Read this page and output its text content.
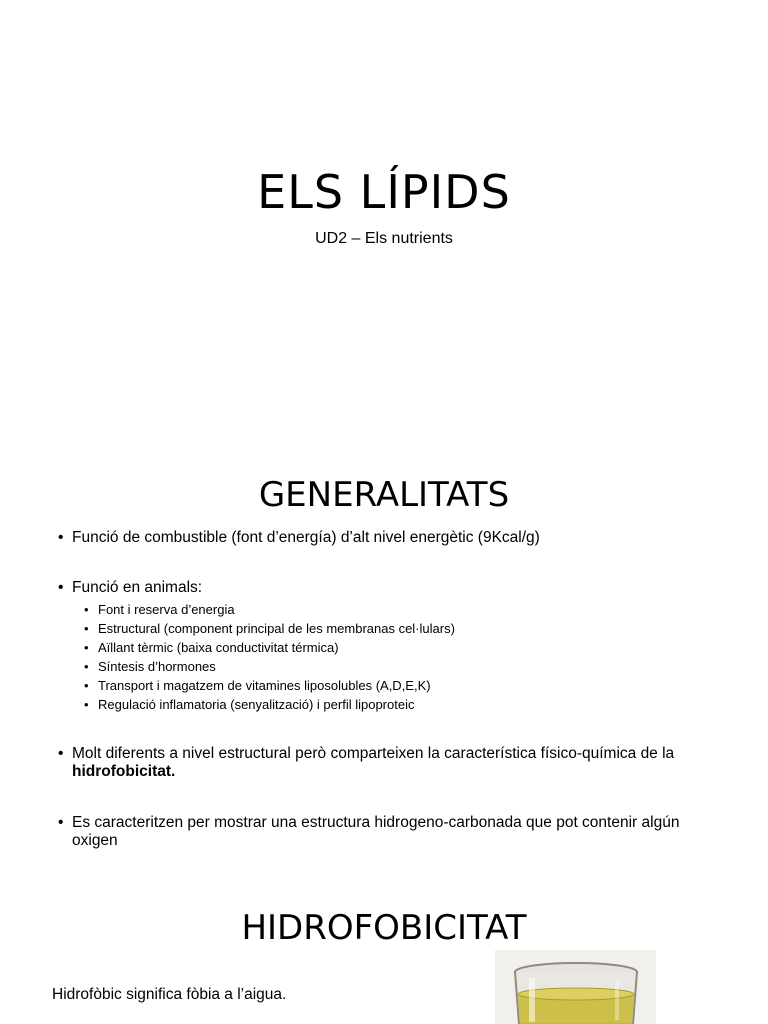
ELS LÍPIDS
UD2 – Els nutrients
GENERALITATS
• Funció de combustible (font d’energía) d’alt nivel energètic (9Kcal/g)
• Funció en animals:
• Font i reserva d’energia
• Estructural (component principal de les membranas cel·lulars)
• Aïllant tèrmic (baixa conductivitat térmica)
• Síntesis d’hormones
• Transport i magatzem de vitamines liposolubles (A,D,E,K)
• Regulació inflamatoria (senyalització) i perfil lipoproteic
• Molt diferents a nivel estructural però comparteixen la característica físico-química de la hidrofobicitat.
• Es caracteritzen per mostrar una estructura hidrogeno-carbonada que pot contenir algún oxigen
HIDROFOBICITAT
Hidrofòbic significa fòbia a l’aigua.
